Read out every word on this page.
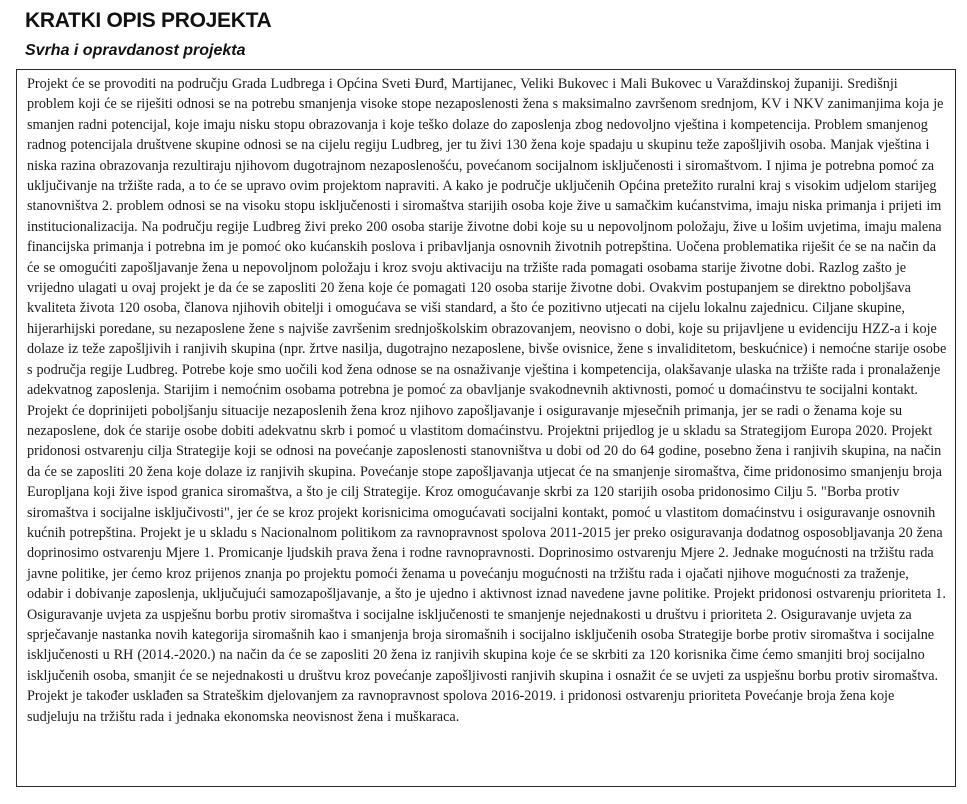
KRATKI OPIS PROJEKTA
Svrha i opravdanost projekta

Projekt će se provoditi na području Grada Ludbrega i Općina Sveti Đurđ, Martijanec, Veliki Bukovec i Mali Bukovec u Varaždinskoj županiji. Središnji problem koji će se riješiti odnosi se na potrebu smanjenja visoke stope nezaposlenosti žena s maksimalno završenom srednjom, KV i NKV zanimanjima koja je smanjen radni potencijal, koje imaju nisku stopu obrazovanja i koje teško dolaze do zaposlenja zbog nedovoljno vještina i kompetencija. Problem smanjenog radnog potencijala društvene skupine odnosi se na cijelu regiju Ludbreg, jer tu živi 130 žena koje spadaju u skupinu teže zapošljivih osoba. Manjak vještina i niska razina obrazovanja rezultiraju njihovom dugotrajnom nezaposlenošću, povećanom socijalnom isključenosti i siromaštvom. I njima je potrebna pomoć za uključivanje na tržište rada, a to će se upravo ovim projektom napraviti. A kako je područje uključenih Općina pretežito ruralni kraj s visokim udjelom starijeg stanovništva 2. problem odnosi se na visoku stopu isključenosti i siromaštva starijih osoba koje žive u samačkim kućanstvima, imaju niska primanja i prijeti im institucionalizacija. Na području regije Ludbreg živi preko 200 osoba starije životne dobi koje su u nepovoljnom položaju, žive u lošim uvjetima, imaju malena financijska primanja i potrebna im je pomoć oko kućanskih poslova i pribavljanja osnovnih životnih potrepština. Uočena problematika riješit će se na način da će se omogućiti zapošljavanje žena u nepovoljnom položaju i kroz svoju aktivaciju na tržište rada pomagati osobama starije životne dobi. Razlog zašto je vrijedno ulagati u ovaj projekt je da će se zaposliti 20 žena koje će pomagati 120 osoba starije životne dobi. Ovakvim postupanjem se direktno poboljšava kvaliteta života 120 osoba, članova njihovih obitelji i omogućava se viši standard, a što će pozitivno utjecati na cijelu lokalnu zajednicu. Ciljane skupine, hijerarhijski poredane, su nezaposlene žene s najviše završenim srednjoškolskim obrazovanjem, neovisno o dobi, koje su prijavljene u evidenciju HZZ-a i koje dolaze iz teže zapošljivih i ranjivih skupina (npr. žrtve nasilja, dugotrajno nezaposlene, bivše ovisnice, žene s invaliditetom, beskućnice) i nemoćne starije osobe s područja regije Ludbreg. Potrebe koje smo uočili kod žena odnose se na osnaživanje vještina i kompetencija, olakšavanje ulaska na tržište rada i pronalaženje adekvatnog zaposlenja. Starijim i nemoćnim osobama potrebna je pomoć za obavljanje svakodnevnih aktivnosti, pomoć u domaćinstvu te socijalni kontakt. Projekt će doprinijeti poboljšanju situacije nezaposlenih žena kroz njihovo zapošljavanje i osiguravanje mjesečnih primanja, jer se radi o ženama koje su nezaposlene, dok će starije osobe dobiti adekvatnu skrb i pomoć u vlastitom domaćinstvu. Projektni prijedlog je u skladu sa Strategijom Europa 2020. Projekt pridonosi ostvarenju cilja Strategije koji se odnosi na povećanje zaposlenosti stanovništva u dobi od 20 do 64 godine, posebno žena i ranjivih skupina, na način da će se zaposliti 20 žena koje dolaze iz ranjivih skupina. Povećanje stope zapošljavanja utjecat će na smanjenje siromaštva, čime pridonosimo smanjenju broja Europljana koji žive ispod granica siromaštva, a što je cilj Strategije. Kroz omogućavanje skrbi za 120 starijih osoba pridonosimo Cilju 5. "Borba protiv siromaštva i socijalne isključivosti", jer će se kroz projekt korisnicima omogućavati socijalni kontakt, pomoć u vlastitom domaćinstvu i osiguravanje osnovnih kućnih potrepština. Projekt je u skladu s Nacionalnom politikom za ravnopravnost spolova 2011-2015 jer preko osiguravanja dodatnog osposobljavanja 20 žena doprinosimo ostvarenju Mjere 1. Promicanje ljudskih prava žena i rodne ravnopravnosti. Doprinosimo ostvarenju Mjere 2. Jednake mogućnosti na tržištu rada javne politike, jer ćemo kroz prijenos znanja po projektu pomoći ženama u povećanju mogućnosti na tržištu rada i ojačati njihove mogućnosti za traženje, odabir i dobivanje zaposlenja, uključujući samozapošljavanje, a što je ujedno i aktivnost iznad navedene javne politike. Projekt pridonosi ostvarenju prioriteta 1. Osiguravanje uvjeta za uspješnu borbu protiv siromaštva i socijalne isključenosti te smanjenje nejednakosti u društvu i prioriteta 2. Osiguravanje uvjeta za sprječavanje nastanka novih kategorija siromašnih kao i smanjenja broja siromašnih i socijalno isključenih osoba Strategije borbe protiv siromaštva i socijalne isključenosti u RH (2014.-2020.) na način da će se zaposliti 20 žena iz ranjivih skupina koje će se skrbiti za 120 korisnika čime ćemo smanjiti broj socijalno isključenih osoba, smanjit će se nejednakosti u društvu kroz povećanje zapošljivosti ranjivih skupina i osnažit će se uvjeti za uspješnu borbu protiv siromaštva. Projekt je također usklađen sa Strateškim djelovanjem za ravnopravnost spolova 2016-2019. i pridonosi ostvarenju prioriteta Povećanje broja žena koje sudjeluju na tržištu rada i jednaka ekonomska neovisnost žena i muškaraca.
